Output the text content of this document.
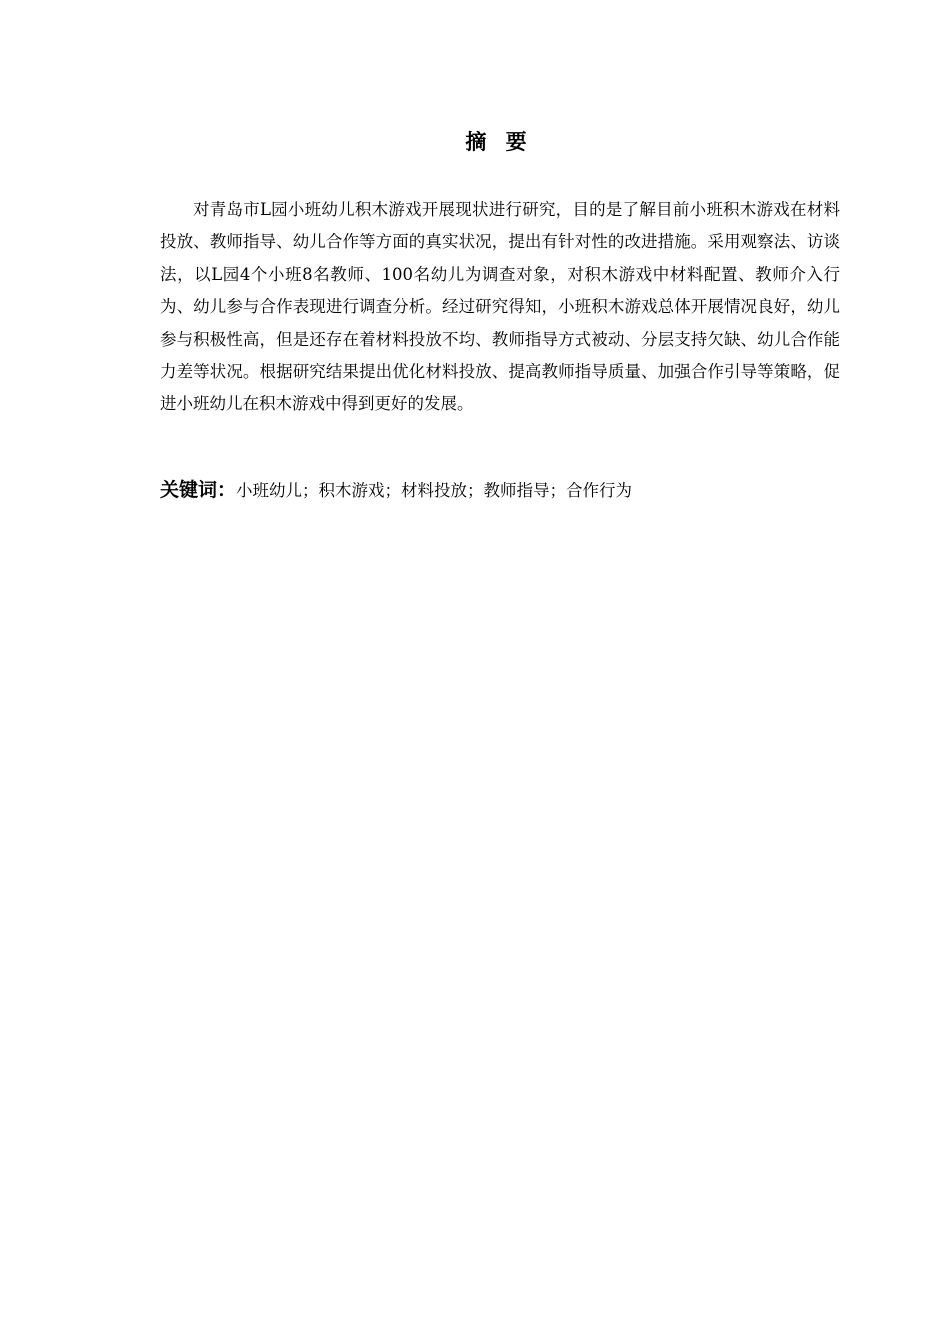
摘 要

对青岛市L园小班幼儿积木游戏开展现状进行研究，目的是了解目前小班积木游戏在材料投放、教师指导、幼儿合作等方面的真实状况，提出有针对性的改进措施。采用观察法、访谈法，以L园4个小班8名教师、100名幼儿为调查对象，对积木游戏中材料配置、教师介入行为、幼儿参与合作表现进行调查分析。经过研究得知，小班积木游戏总体开展情况良好，幼儿参与积极性高，但是还存在着材料投放不均、教师指导方式被动、分层支持欠缺、幼儿合作能力差等状况。根据研究结果提出优化材料投放、提高教师指导质量、加强合作引导等策略，促进小班幼儿在积木游戏中得到更好的发展。

关键词：小班幼儿；积木游戏；材料投放；教师指导；合作行为
